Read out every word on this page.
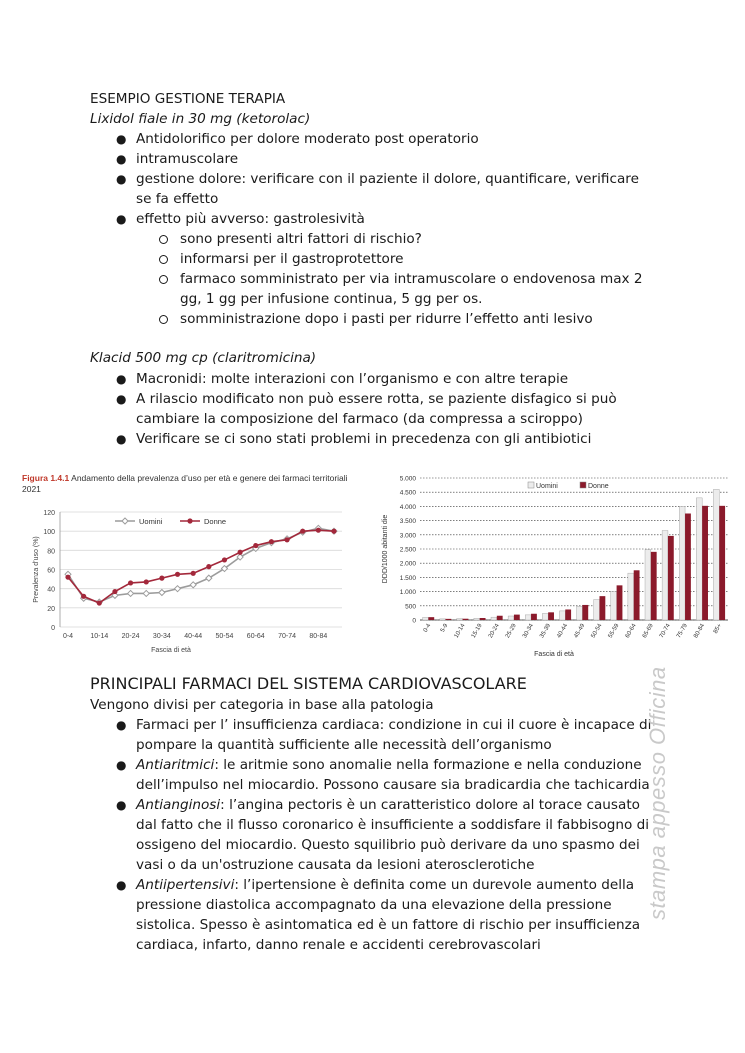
ESEMPIO GESTIONE TERAPIA
Lixidol fiale in 30 mg (ketorolac)
● Antidolorifico per dolore moderato post operatorio
● intramuscolare
● gestione dolore: verificare con il paziente il dolore, quantificare, verificare
se fa effetto
● effetto più avverso: gastrolesività
sono presenti altri fattori di rischio?
informarsi per il gastroprotettore
farmaco somministrato per via intramuscolare o endovenosa max 2
gg, 1 gg per infusione continua, 5 gg per os.
somministrazione dopo i pasti per ridurre l’effetto anti lesivo
Klacid 500 mg cp (claritromicina)
● Macronidi: molte interazioni con l’organismo e con altre terapie
● A rilascio modificato non può essere rotta, se paziente disfagico si può
cambiare la composizione del farmaco (da compressa a sciroppo)
● Verificare se ci sono stati problemi in precedenza con gli antibiotici
Figura 1.4.1 Andamento della prevalenza d’uso per età e genere dei farmaci territoriali
2021
0
20
40
60
80
100
120
0-4 10-14 20-24 30-34 40-44 50-54 60-64 70-74 80-84
Fascia di età
Prevalenza d’uso (%)
Uomini	Donne
0
500
1.000
1.500
2.000
2.500
3.000
3.500
4.000
4.500
5.000
0-4 5-9 10-14 15-19 20-24 25-29 30-34 35-39 40-44 45-49 50-54 55-59 60-64 65-69 70-74 75-79 80-84 85+
Fascia di età
DDD/1000 abitanti die
Uomini	Donne
PRINCIPALI FARMACI DEL SISTEMA CARDIOVASCOLARE
Vengono divisi per categoria in base alla patologia
● Farmaci per l’ insufficienza cardiaca: condizione in cui il cuore è incapace di
pompare la quantità sufficiente alle necessità dell’organismo
● Antiaritmici: le aritmie sono anomalie nella formazione e nella conduzione
dell’impulso nel miocardio. Possono causare sia bradicardia che tachicardia
● Antianginosi: l’angina pectoris è un caratteristico dolore al torace causato
dal fatto che il flusso coronarico è insufficiente a soddisfare il fabbisogno di
ossigeno del miocardio. Questo squilibrio può derivare da uno spasmo dei
vasi o da un'ostruzione causata da lesioni aterosclerotiche
● Antiipertensivi: l’ipertensione è definita come un durevole aumento della
pressione diastolica accompagnato da una elevazione della pressione
sistolica. Spesso è asintomatica ed è un fattore di rischio per insufficienza
cardiaca, infarto, danno renale e accidenti cerebrovascolari
stampa appesso Officina
